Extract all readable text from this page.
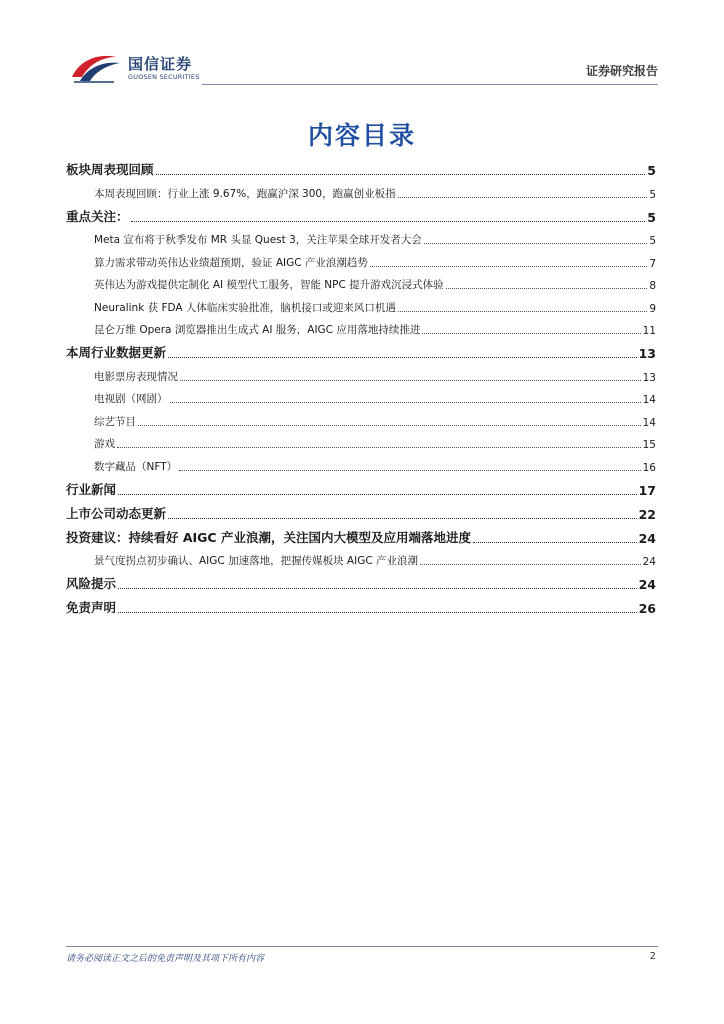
国信证券
GUOSEN SECURITIES	证券研究报告
内容目录
板块周表现回顾	5
本周表现回顾：行业上涨 9.67%，跑赢沪深 300，跑赢创业板指	5
重点关注：	5
Meta 宣布将于秋季发布 MR 头显 Quest 3，关注苹果全球开发者大会	5
算力需求带动英伟达业绩超预期，验证 AIGC 产业浪潮趋势	7
英伟达为游戏提供定制化 AI 模型代工服务，智能 NPC 提升游戏沉浸式体验	8
Neuralink 获 FDA 人体临床实验批准，脑机接口或迎来风口机遇	9
昆仑万维 Opera 浏览器推出生成式 AI 服务，AIGC 应用落地持续推进	11
本周行业数据更新	13
电影票房表现情况	13
电视剧（网剧）	14
综艺节目	14
游戏	15
数字藏品（NFT）	16
行业新闻	17
上市公司动态更新	22
投资建议：持续看好 AIGC 产业浪潮，关注国内大模型及应用端落地进度	24
景气度拐点初步确认、AIGC 加速落地，把握传媒板块 AIGC 产业浪潮	24
风险提示	24
免责声明	26
请务必阅读正文之后的免责声明及其项下所有内容	2
